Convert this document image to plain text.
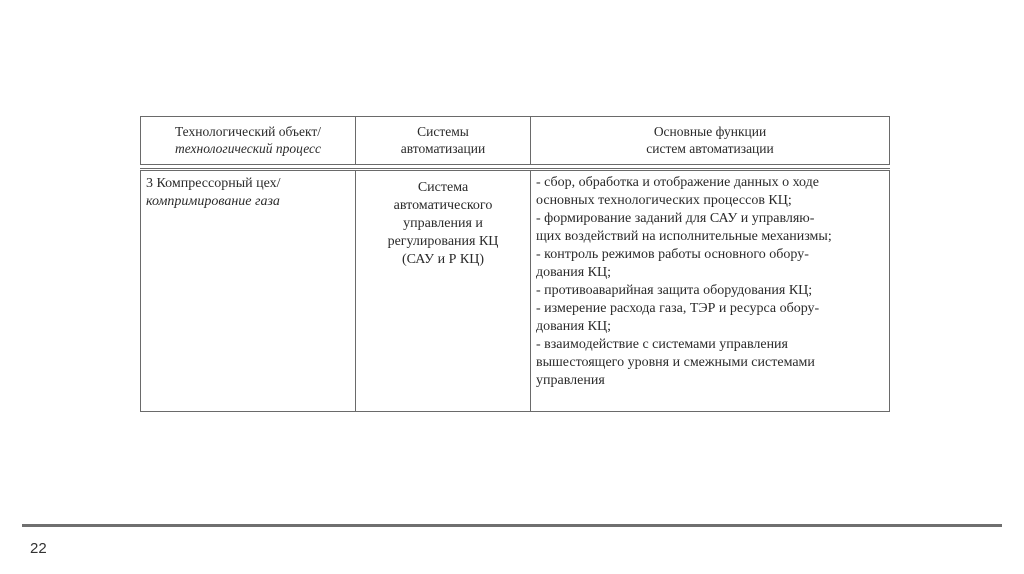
Технологический объект/
технологический процесс
Системы
автоматизации
Основные функции
систем автоматизации
3 Компрессорный цех/
компримирование газа
Система
автоматического
управления и
регулирования КЦ
(САУ и Р КЦ)
- сбор, обработка и отображение данных о ходе
основных технологических процессов КЦ;
- формирование заданий для САУ и управляю-
щих воздействий на исполнительные механизмы;
- контроль режимов работы основного обору-
дования КЦ;
- противоаварийная защита оборудования КЦ;
- измерение расхода газа, ТЭР и ресурса обору-
дования КЦ;
- взаимодействие с системами управления
вышестоящего уровня и смежными системами
управления
22
